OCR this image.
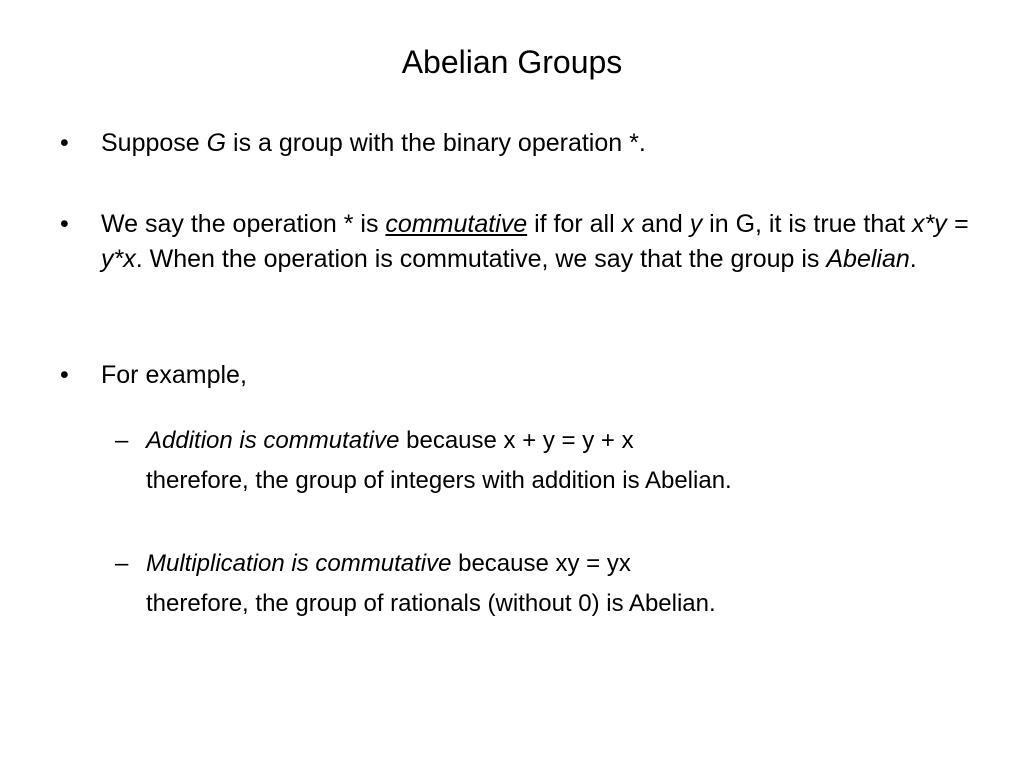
Abelian Groups
•	Suppose G is a group with the binary operation *.
•	We say the operation * is commutative if for all x and y in G, it is true that x*y = y*x. When the operation is commutative, we say that the group is Abelian.
•	For example,
– Addition is commutative because x + y = y + x
therefore, the group of integers with addition is Abelian.
– Multiplication is commutative because xy = yx
therefore, the group of rationals (without 0) is Abelian.
